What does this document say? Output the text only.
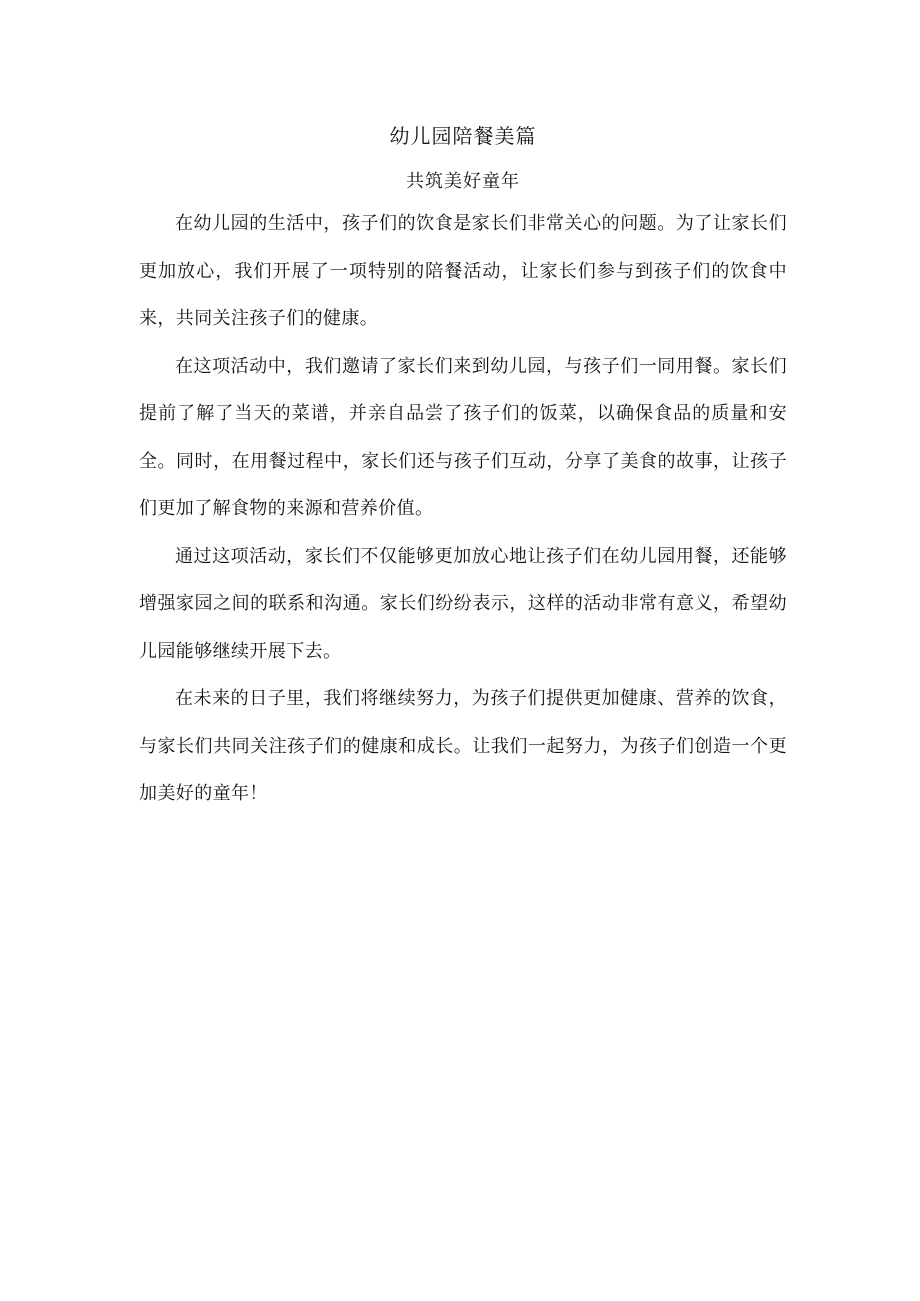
幼儿园陪餐美篇
共筑美好童年

在幼儿园的生活中，孩子们的饮食是家长们非常关心的问题。为了让家长们更加放心，我们开展了一项特别的陪餐活动，让家长们参与到孩子们的饮食中来，共同关注孩子们的健康。

在这项活动中，我们邀请了家长们来到幼儿园，与孩子们一同用餐。家长们提前了解了当天的菜谱，并亲自品尝了孩子们的饭菜，以确保食品的质量和安全。同时，在用餐过程中，家长们还与孩子们互动，分享了美食的故事，让孩子们更加了解食物的来源和营养价值。

通过这项活动，家长们不仅能够更加放心地让孩子们在幼儿园用餐，还能够增强家园之间的联系和沟通。家长们纷纷表示，这样的活动非常有意义，希望幼儿园能够继续开展下去。

在未来的日子里，我们将继续努力，为孩子们提供更加健康、营养的饮食，与家长们共同关注孩子们的健康和成长。让我们一起努力，为孩子们创造一个更加美好的童年！
